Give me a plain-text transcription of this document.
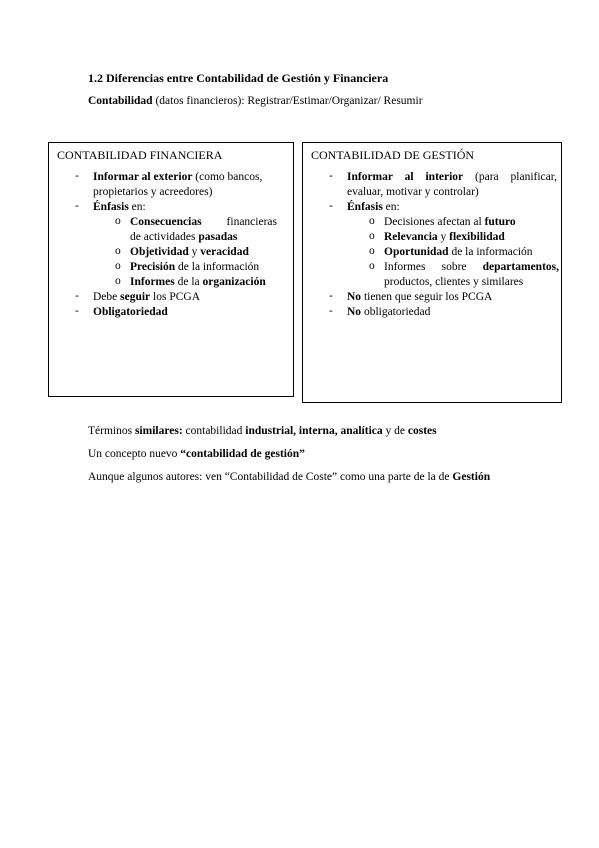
1.2 Diferencias entre Contabilidad de Gestión y Financiera
Contabilidad (datos financieros): Registrar/Estimar/Organizar/ Resumir
CONTABILIDAD FINANCIERA
- Informar al exterior (como bancos,
propietarios y acreedores)
- Énfasis en:
o Consecuencias financieras
de actividades pasadas
o Objetividad y veracidad
o Precisión de la información
o Informes de la organización
- Debe seguir los PCGA
- Obligatoriedad
CONTABILIDAD DE GESTIÓN
- Informar al interior (para planificar,
evaluar, motivar y controlar)
- Énfasis en:
o Decisiones afectan al futuro
o Relevancia y flexibilidad
o Oportunidad de la información
o Informes sobre departamentos,
productos, clientes y similares
- No tienen que seguir los PCGA
- No obligatoriedad
Términos similares: contabilidad industrial, interna, analítica y de costes
Un concepto nuevo “contabilidad de gestión”
Aunque algunos autores: ven “Contabilidad de Coste” como una parte de la de Gestión
